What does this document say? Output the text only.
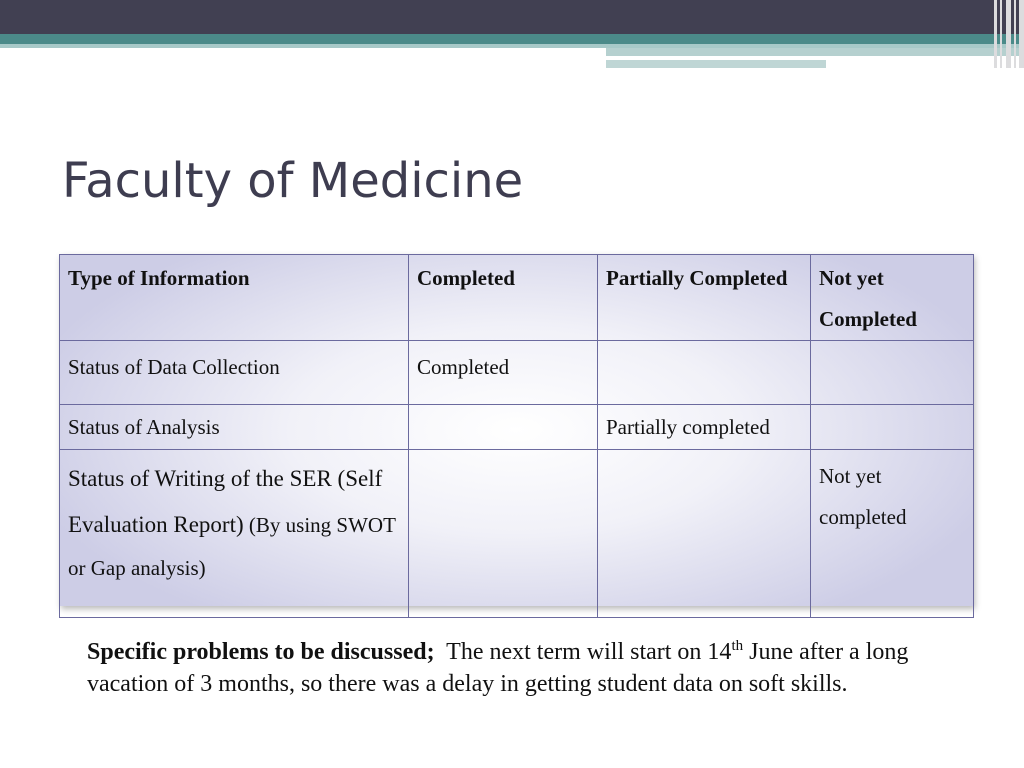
Faculty of Medicine
Type of Information	Completed	Partially Completed	Not yet Completed
Status of Data Collection	Completed		
Status of Analysis		Partially completed	
Status of Writing of the SER (Self Evaluation Report) (By using SWOT or Gap analysis)			Not yet completed
Specific problems to be discussed; The next term will start on 14th June after a long vacation of 3 months, so there was a delay in getting student data on soft skills.
